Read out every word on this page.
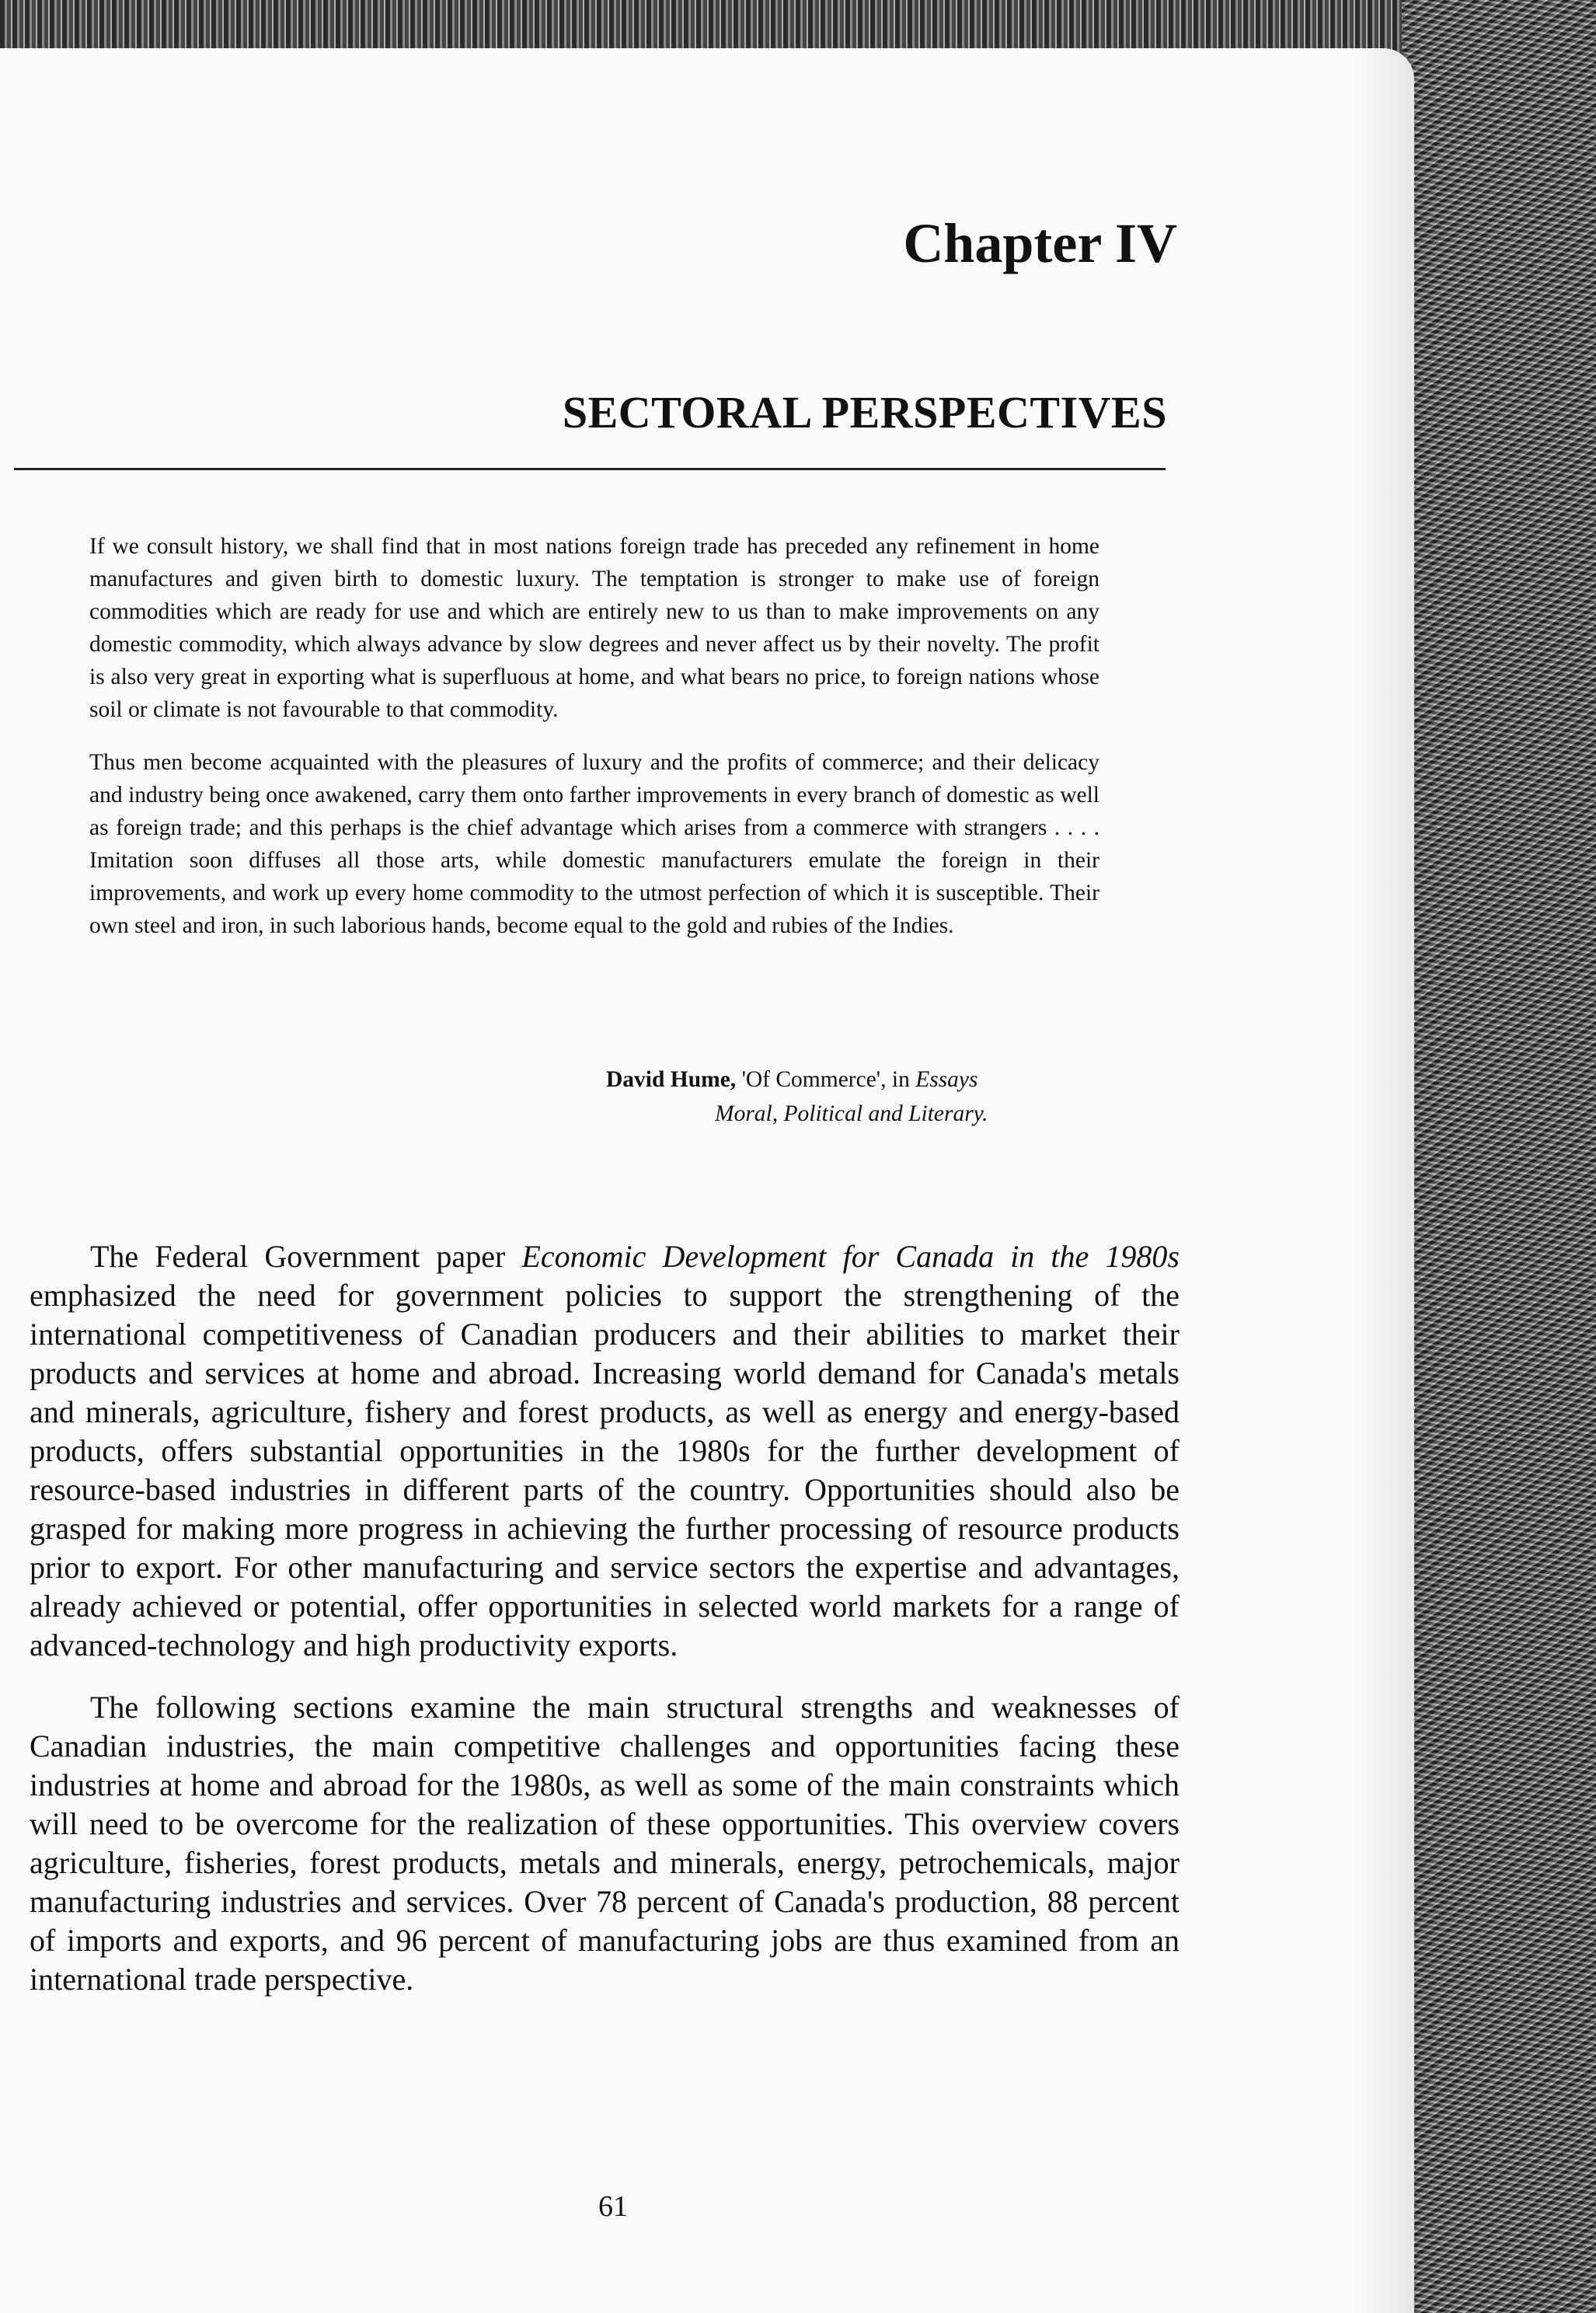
Chapter IV
SECTORAL PERSPECTIVES

If we consult history, we shall find that in most nations foreign trade has preceded any refinement in home manufactures and given birth to domestic luxury. The temptation is stronger to make use of foreign commodities which are ready for use and which are entirely new to us than to make improvements on any domestic commodity, which always advance by slow degrees and never affect us by their novelty. The profit is also very great in exporting what is superfluous at home, and what bears no price, to foreign nations whose soil or climate is not favourable to that commodity.

Thus men become acquainted with the pleasures of luxury and the profits of commerce; and their delicacy and industry being once awakened, carry them onto farther improvements in every branch of domestic as well as foreign trade; and this perhaps is the chief advantage which arises from a commerce with strangers . . . . Imitation soon diffuses all those arts, while domestic manufacturers emulate the foreign in their improvements, and work up every home commodity to the utmost perfection of which it is susceptible. Their own steel and iron, in such laborious hands, become equal to the gold and rubies of the Indies.

David Hume, 'Of Commerce', in Essays
Moral, Political and Literary.

The Federal Government paper Economic Development for Canada in the 1980s emphasized the need for government policies to support the strengthening of the international competitiveness of Canadian producers and their abilities to market their products and services at home and abroad. Increasing world demand for Canada's metals and minerals, agriculture, fishery and forest products, as well as energy and energy-based products, offers substantial opportunities in the 1980s for the further development of resource-based industries in different parts of the country. Opportunities should also be grasped for making more progress in achieving the further processing of resource products prior to export. For other manufacturing and service sectors the expertise and advantages, already achieved or potential, offer opportunities in selected world markets for a range of advanced-technology and high productivity exports.

The following sections examine the main structural strengths and weaknesses of Canadian industries, the main competitive challenges and opportunities facing these industries at home and abroad for the 1980s, as well as some of the main constraints which will need to be overcome for the realization of these opportunities. This overview covers agriculture, fisheries, forest products, metals and minerals, energy, petrochemicals, major manufacturing industries and services. Over 78 percent of Canada's production, 88 percent of imports and exports, and 96 percent of manufacturing jobs are thus examined from an international trade perspective.

61
